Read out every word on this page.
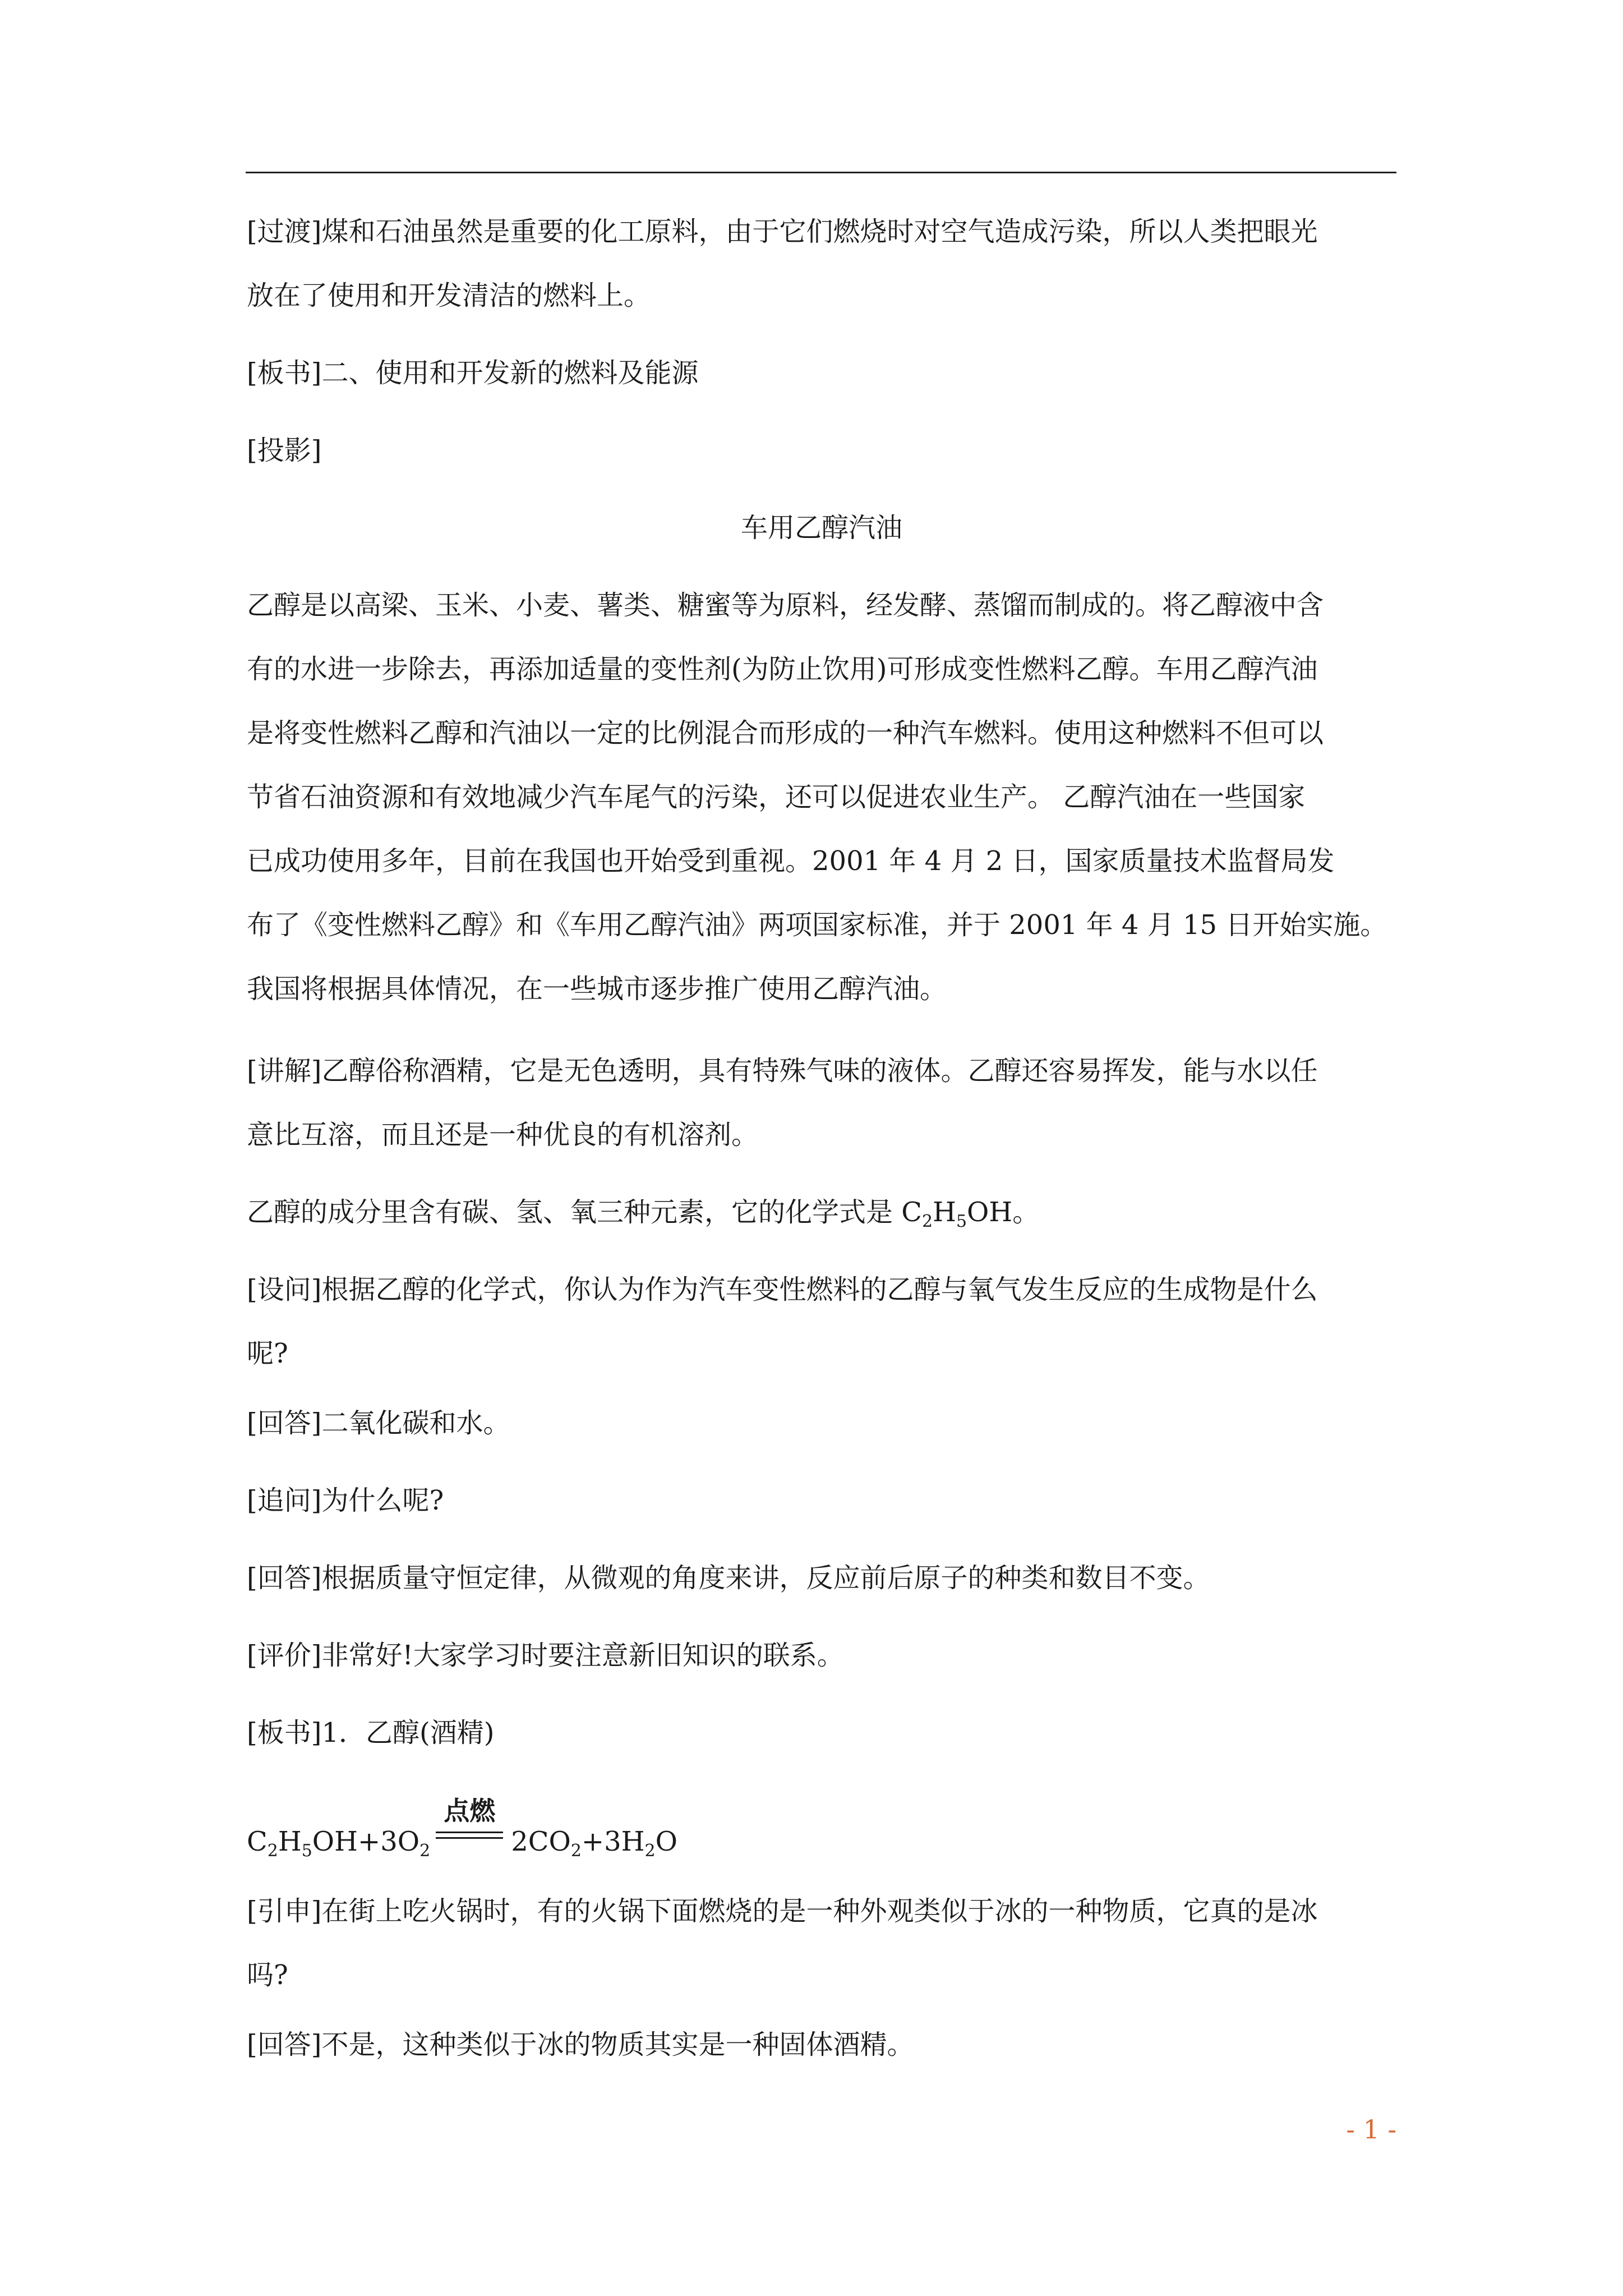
[过渡]煤和石油虽然是重要的化工原料，由于它们燃烧时对空气造成污染，所以人类把眼光
放在了使用和开发清洁的燃料上。
[板书]二、使用和开发新的燃料及能源
[投影]
车用乙醇汽油
乙醇是以高梁、玉米、小麦、薯类、糖蜜等为原料，经发酵、蒸馏而制成的。将乙醇液中含
有的水进一步除去，再添加适量的变性剂(为防止饮用)可形成变性燃料乙醇。车用乙醇汽油
是将变性燃料乙醇和汽油以一定的比例混合而形成的一种汽车燃料。使用这种燃料不但可以
节省石油资源和有效地减少汽车尾气的污染，还可以促进农业生产。 乙醇汽油在一些国家
已成功使用多年，目前在我国也开始受到重视。2001 年 4 月 2 日，国家质量技术监督局发
布了《变性燃料乙醇》和《车用乙醇汽油》两项国家标准，并于 2001 年 4 月 15 日开始实施。
我国将根据具体情况，在一些城市逐步推广使用乙醇汽油。
[讲解]乙醇俗称酒精，它是无色透明，具有特殊气味的液体。乙醇还容易挥发，能与水以任
意比互溶，而且还是一种优良的有机溶剂。
乙醇的成分里含有碳、氢、氧三种元素，它的化学式是 $C_2H_5OH$。
[设问]根据乙醇的化学式，你认为作为汽车变性燃料的乙醇与氧气发生反应的生成物是什么
呢?
[回答]二氧化碳和水。
[追问]为什么呢?
[回答]根据质量守恒定律，从微观的角度来讲，反应前后原子的种类和数目不变。
[评价]非常好!大家学习时要注意新旧知识的联系。
[板书]1．乙醇(酒精)
$C_2H_5OH+3O_2$
点燃
$2CO_2+3H_2O$
[引申]在街上吃火锅时，有的火锅下面燃烧的是一种外观类似于冰的一种物质，它真的是冰
吗?
[回答]不是，这种类似于冰的物质其实是一种固体酒精。
- 1 -
